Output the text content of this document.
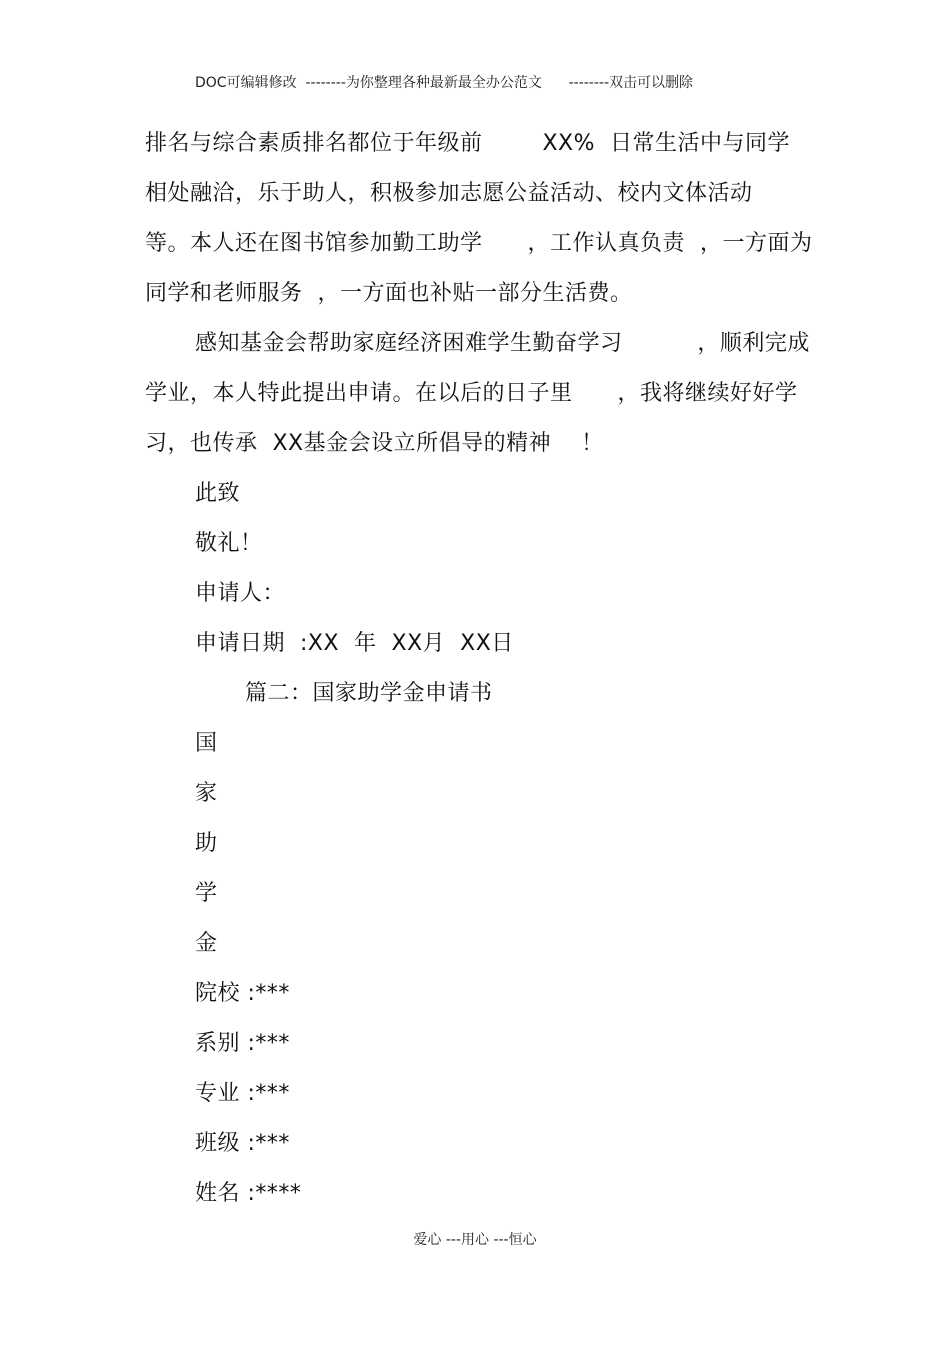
DOC可编辑修改  --------为你整理各种最新最全办公范文      --------双击可以删除
排名与综合素质排名都位于年级前        XX%  日常生活中与同学
相处融洽，乐于助人，积极参加志愿公益活动、校内文体活动
等。本人还在图书馆参加勤工助学      ，工作认真负责  ，一方面为
同学和老师服务  ，一方面也补贴一部分生活费。
感知基金会帮助家庭经济困难学生勤奋学习          ，顺利完成
学业，本人特此提出申请。在以后的日子里      ，我将继续好好学
习，也传承  XX基金会设立所倡导的精神    ！
此致
敬礼！
申请人：
申请日期  :XX  年  XX月  XX日
篇二：国家助学金申请书
国
家
助
学
金
院校 :***
系别 :***
专业 :***
班级 :***
姓名 :****
爱心 ---用心 ---恒心
